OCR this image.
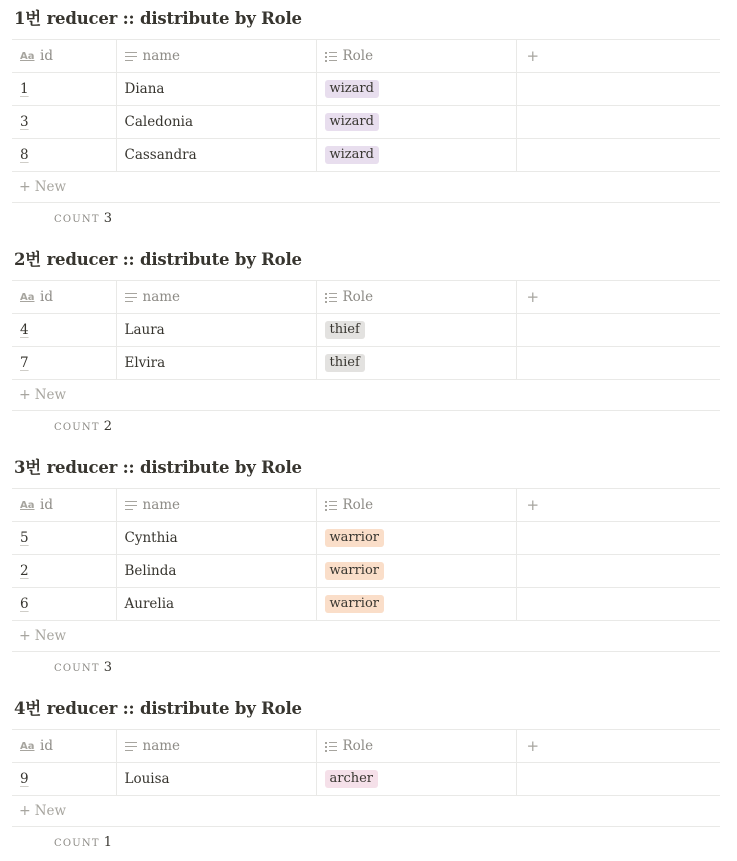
1번 reducer :: distribute by Role
Aa id	name	Role	+
1	Diana	wizard	
3	Caledonia	wizard	
8	Cassandra	wizard	
+ New
COUNT 3
2번 reducer :: distribute by Role
Aa id	name	Role	+
4	Laura	thief	
7	Elvira	thief	
+ New
COUNT 2
3번 reducer :: distribute by Role
Aa id	name	Role	+
5	Cynthia	warrior	
2	Belinda	warrior	
6	Aurelia	warrior	
+ New
COUNT 3
4번 reducer :: distribute by Role
Aa id	name	Role	+
9	Louisa	archer	
+ New
COUNT 1
